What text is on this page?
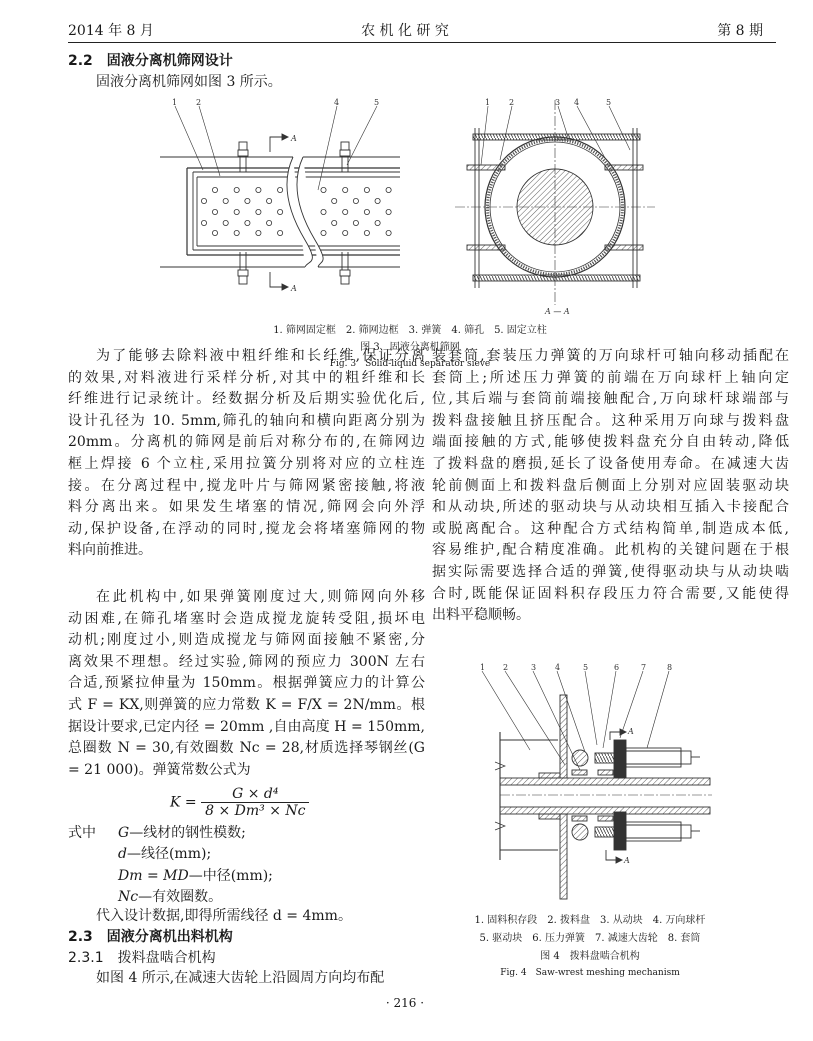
2014 年 8 月	农 机 化 研 究	第 8 期
2.2　固液分离机筛网设计
固液分离机筛网如图 3 所示。
1 2	4	5
A
A
1 2	3 4	5
A — A
1 2	3 4	5	6	7	8
A
A
1. 筛网固定框　2. 筛网边框　3. 弹簧　4. 筛孔　5. 固定立柱
图 3　固液分离机筛网
Fig. 3　Solid-liquid separator sieve
为了能够去除料液中粗纤维和长纤维,保证分离
的效果,对料液进行采样分析,对其中的粗纤维和长
纤维进行记录统计。经数据分析及后期实验优化后,
设计孔径为 10. 5mm,筛孔的轴向和横向距离分别为
20mm。分离机的筛网是前后对称分布的,在筛网边
框上焊接 6 个立柱,采用拉簧分别将对应的立柱连
接。在分离过程中,搅龙叶片与筛网紧密接触,将液
料分离出来。如果发生堵塞的情况,筛网会向外浮
动,保护设备,在浮动的同时,搅龙会将堵塞筛网的物
料向前推进。
在此机构中,如果弹簧刚度过大,则筛网向外移
动困难,在筛孔堵塞时会造成搅龙旋转受阻,损坏电
动机;刚度过小,则造成搅龙与筛网面接触不紧密,分
离效果不理想。经过实验,筛网的预应力 300N 左右
合适,预紧拉伸量为 150mm。根据弹簧应力的计算公
式 F = KX,则弹簧的应力常数 K = F/X = 2N/mm。根
据设计要求,已定内径 = 20mm ,自由高度 H = 150mm,
总圈数 N = 30,有效圈数 Nc = 28,材质选择琴钢丝(G
= 21 000)。弹簧常数公式为
$K = \frac{\text{G × d⁴}}{\text{8 × Dm³ × Nc}}$
式中 G—线材的钢性模数;
d—线径(mm);
Dm = MD—中径(mm);
Nc—有效圈数。
代入设计数据,即得所需线径 d = 4mm。
2.3　固液分离机出料机构
2.3.1　拨料盘啮合机构
如图 4 所示,在减速大齿轮上沿圆周方向均布配
装套筒,套装压力弹簧的万向球杆可轴向移动插配在
套筒上;所述压力弹簧的前端在万向球杆上轴向定
位,其后端与套筒前端接触配合,万向球杆球端部与
拨料盘接触且挤压配合。这种采用万向球与拨料盘
端面接触的方式,能够使拨料盘充分自由转动,降低
了拨料盘的磨损,延长了设备使用寿命。在减速大齿
轮前侧面上和拨料盘后侧面上分别对应固装驱动块
和从动块,所述的驱动块与从动块相互插入卡接配合
或脱离配合。这种配合方式结构简单,制造成本低,
容易维护,配合精度准确。此机构的关键问题在于根
据实际需要选择合适的弹簧,使得驱动块与从动块啮
合时,既能保证固料积存段压力符合需要,又能使得
出料平稳顺畅。
1. 固料积存段　2. 拨料盘　3. 从动块　4. 万向球杆
5. 驱动块　6. 压力弹簧　7. 减速大齿轮　8. 套筒
图 4　拨料盘啮合机构
Fig. 4　Saw-wrest meshing mechanism
· 216 ·
